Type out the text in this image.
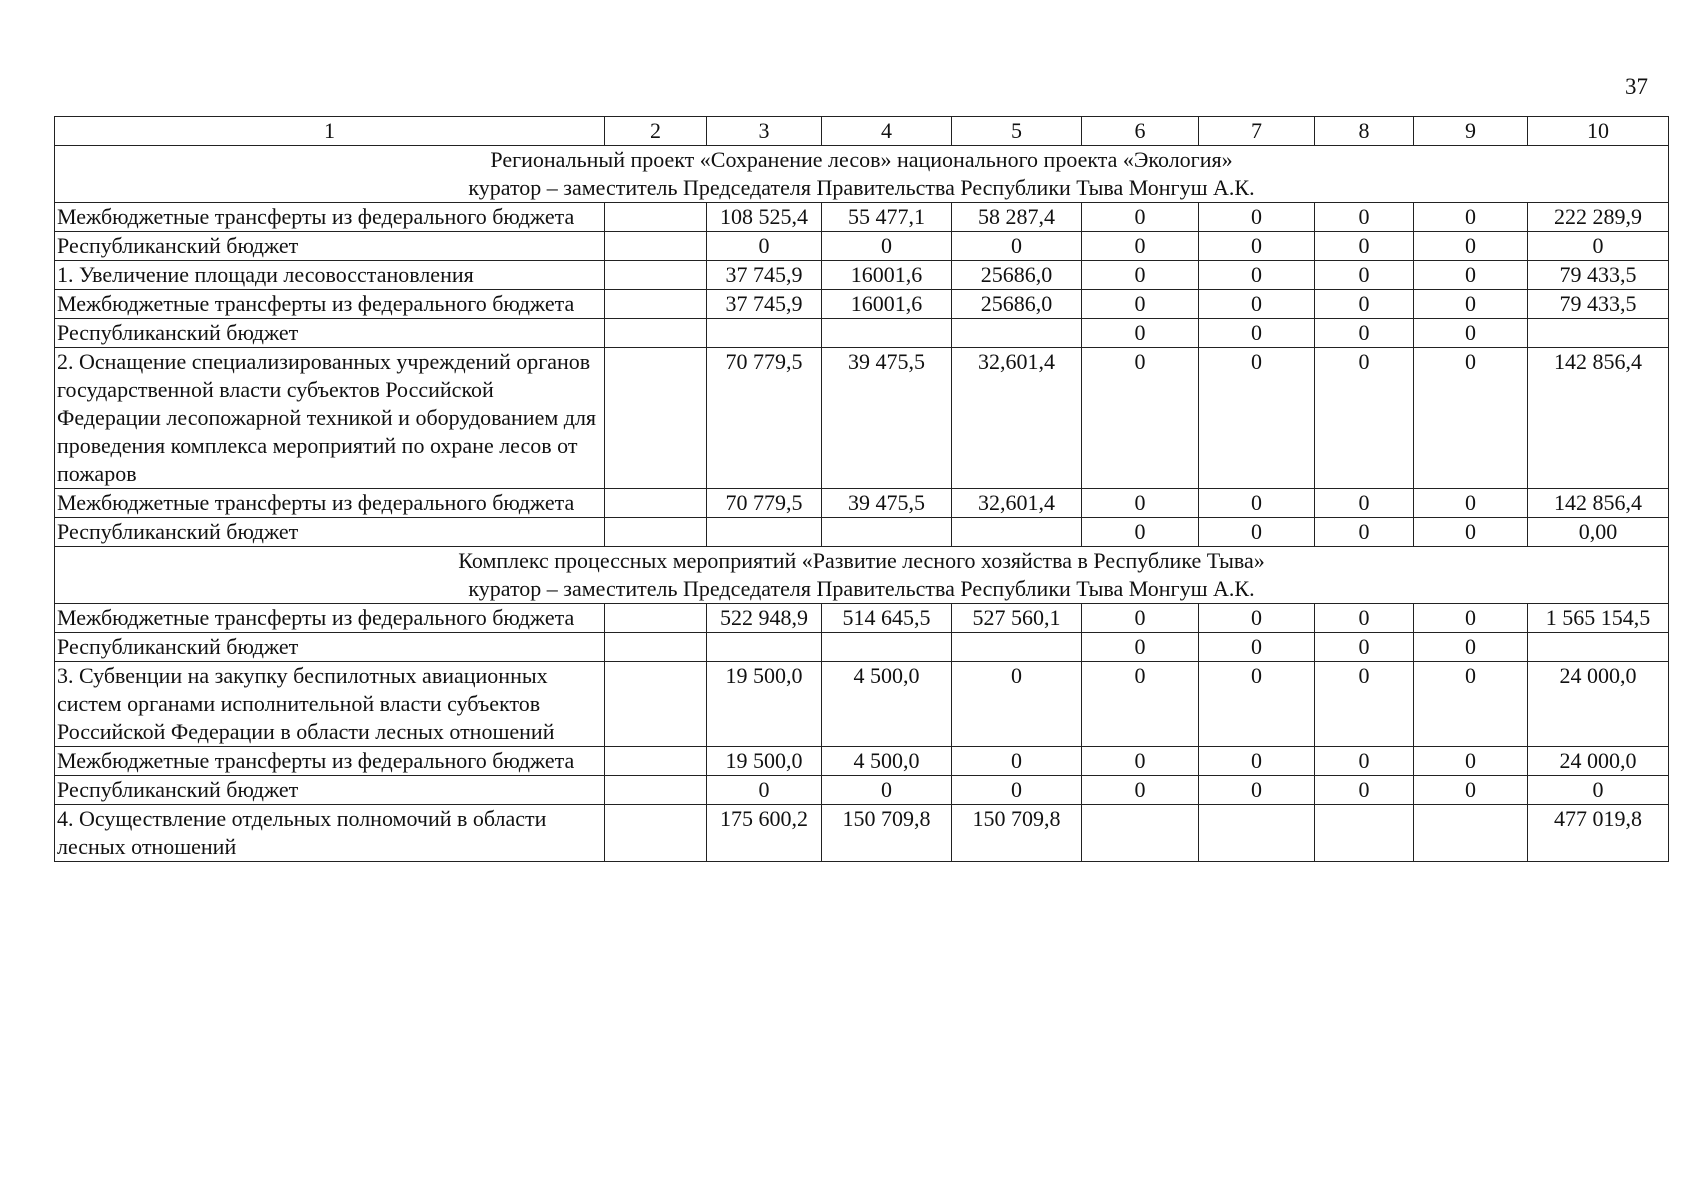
37
1	2	3	4	5	6	7	8	9	10

Региональный проект «Сохранение лесов» национального проекта «Экология»
куратор – заместитель Председателя Правительства Республики Тыва Монгуш А.К.									

Межбюджетные трансферты из федерального бюджета		108 525,4	55 477,1	58 287,4	0	0	0	0	222 289,9
Республиканский бюджет		0	0	0	0	0	0	0	0
1. Увеличение площади лесовосстановления		37 745,9	16001,6	25686,0	0	0	0	0	79 433,5
Межбюджетные трансферты из федерального бюджета		37 745,9	16001,6	25686,0	0	0	0	0	79 433,5
Республиканский бюджет					0	0	0	0	
2. Оснащение специализированных учреждений органов государственной власти субъектов Российской Федерации лесопожарной техникой и оборудованием для проведения комплекса мероприятий по охране лесов от пожаров		70 779,5	39 475,5	32,601,4	0	0	0	0	142 856,4
Межбюджетные трансферты из федерального бюджета		70 779,5	39 475,5	32,601,4	0	0	0	0	142 856,4
Республиканский бюджет					0	0	0	0	0,00

Комплекс процессных мероприятий «Развитие лесного хозяйства в Республике Тыва»
куратор – заместитель Председателя Правительства Республики Тыва Монгуш А.К.									

Межбюджетные трансферты из федерального бюджета		522 948,9	514 645,5	527 560,1	0	0	0	0	1 565 154,5
Республиканский бюджет					0	0	0	0	
3. Субвенции на закупку беспилотных авиационных систем органами исполнительной власти субъектов Российской Федерации в области лесных отношений		19 500,0	4 500,0	0	0	0	0	0	24 000,0
Межбюджетные трансферты из федерального бюджета		19 500,0	4 500,0	0	0	0	0	0	24 000,0
Республиканский бюджет		0	0	0	0	0	0	0	0
4. Осуществление отдельных полномочий в области лесных отношений		175 600,2	150 709,8	150 709,8					477 019,8
